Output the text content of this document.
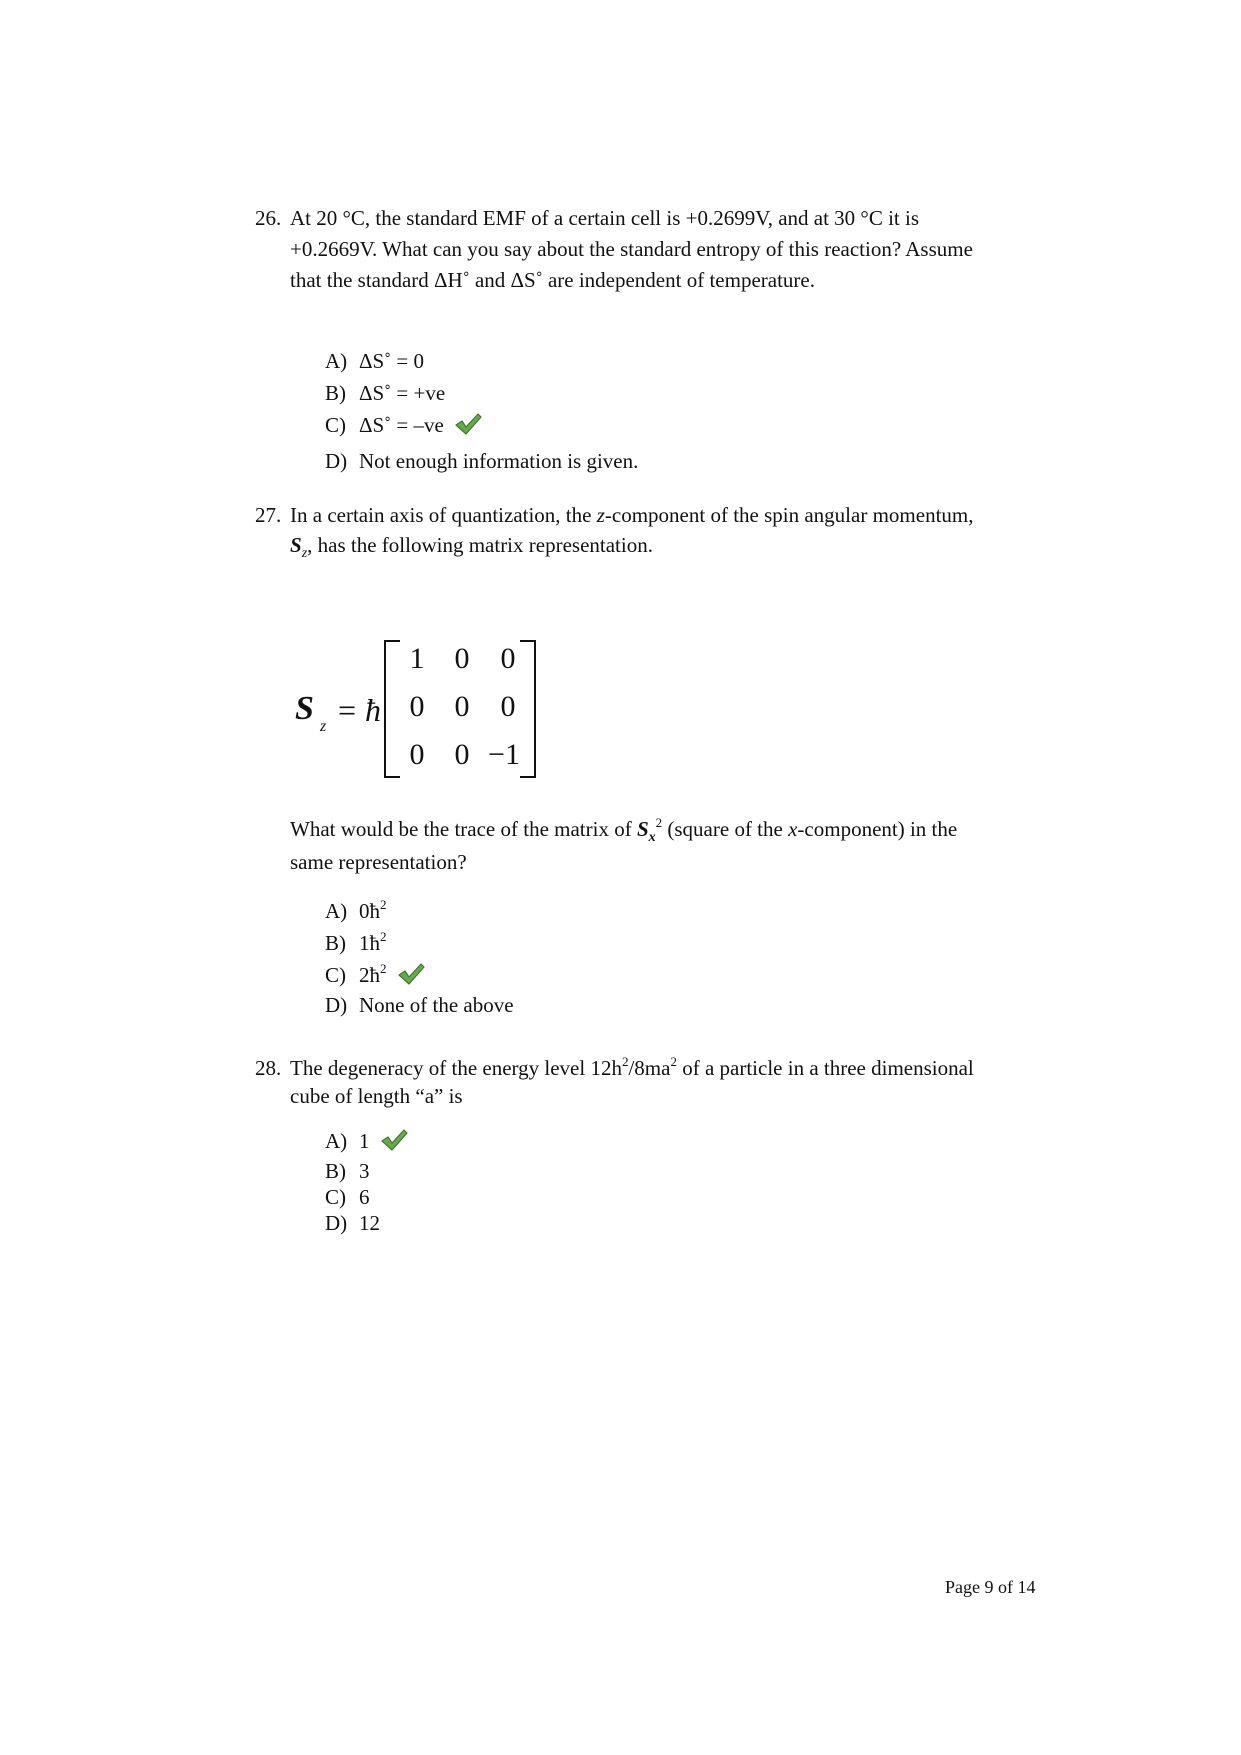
26. At 20 °C, the standard EMF of a certain cell is +0.2699V, and at 30 °C it is
+0.2669V. What can you say about the standard entropy of this reaction? Assume
that the standard ΔH˚ and ΔS˚ are independent of temperature.
A) ΔS˚ = 0
B) ΔS˚ = +ve
C) ΔS˚ = –ve
D) Not enough information is given.
27. In a certain axis of quantization, the z-component of the spin angular momentum,
$S_z$, has the following matrix representation.
S z = ħ
1	0	0
0	0	0
0	0 −1
What would be the trace of the matrix of $S_x^2$ (square of the x-component) in the
same representation?
A) $0ħ^2$
B) $1ħ^2$
C) $2ħ^2$
D) None of the above
28. The degeneracy of the energy level $12h^2/8ma^2$ of a particle in a three dimensional
cube of length “a” is
A) 1
B) 3
C) 6
D) 12
Page 9 of 14
